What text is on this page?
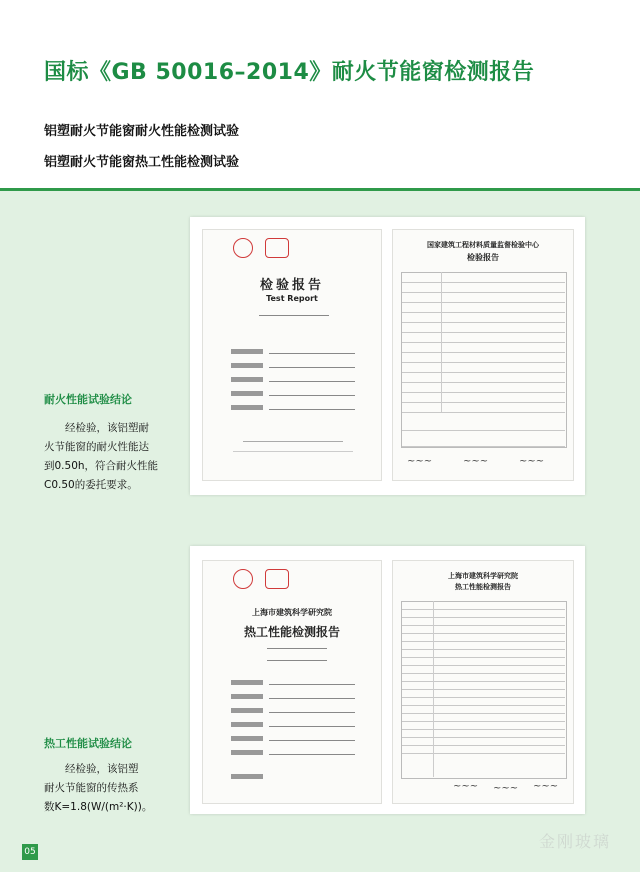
国标《GB 50016–2014》耐火节能窗检测报告
铝塑耐火节能窗耐火性能检测试验
铝塑耐火节能窗热工性能检测试验
耐火性能试验结论
经检验，该铝塑耐
火节能窗的耐火性能达
到0.50h，符合耐火性能
C0.50的委托要求。
热工性能试验结论
经检验，该铝塑
耐火节能窗的传热系
数K=1.8(W/(m²·K))。
检验报告
Test Report
国家建筑工程材料质量监督检验中心
检验报告
~~~	~~~	~~~
上海市建筑科学研究院
热工性能检测报告
上海市建筑科学研究院
热工性能检测报告
~~~ ~~~ ~~~
05
金刚玻璃
